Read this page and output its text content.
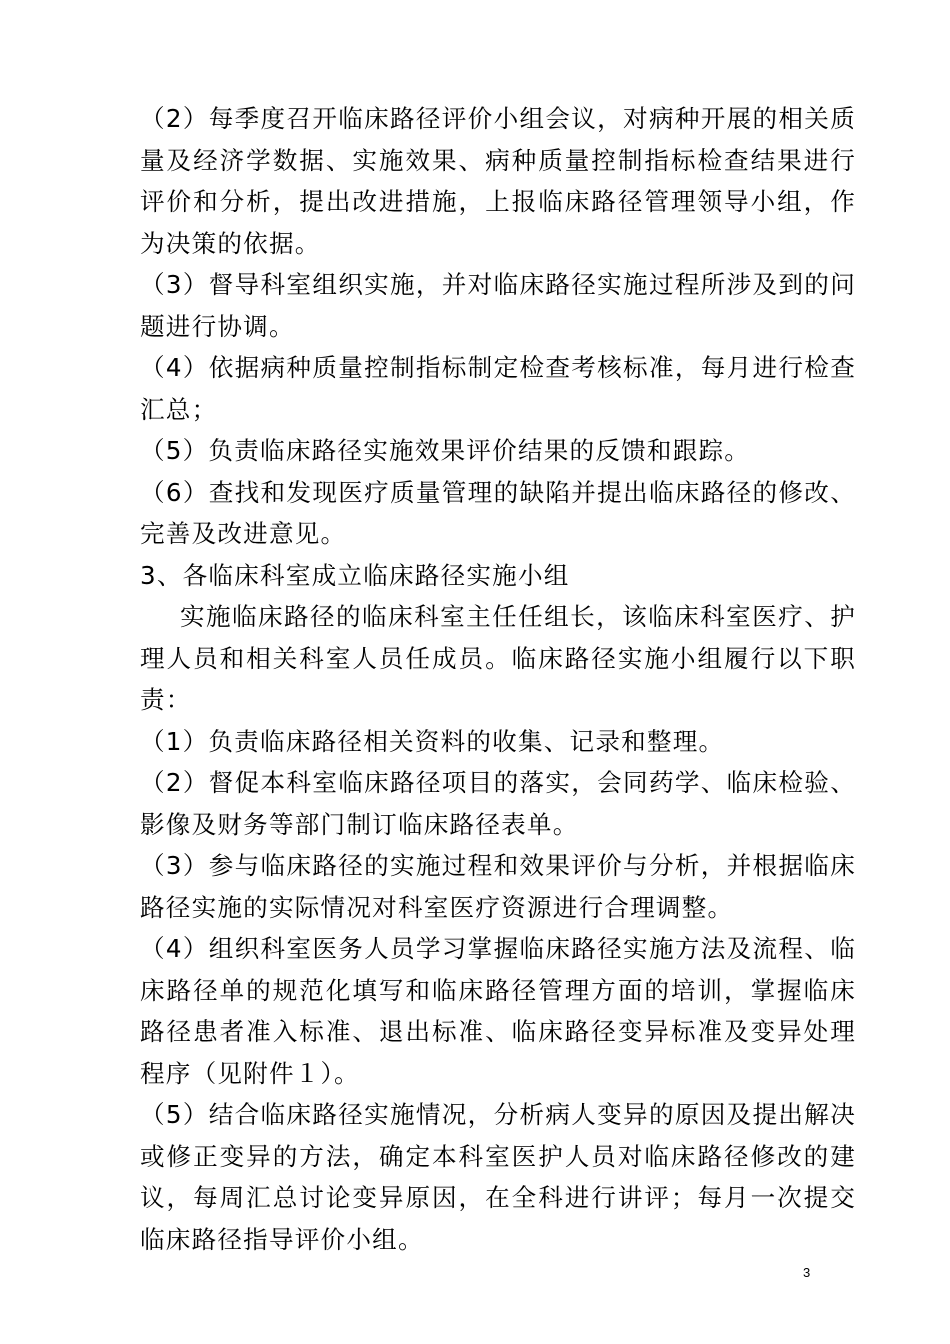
（2）每季度召开临床路径评价小组会议，对病种开展的相关质量及经济学数据、实施效果、病种质量控制指标检查结果进行评价和分析，提出改进措施，上报临床路径管理领导小组，作为决策的依据。

（3）督导科室组织实施，并对临床路径实施过程所涉及到的问题进行协调。

（4）依据病种质量控制指标制定检查考核标准，每月进行检查汇总；

（5）负责临床路径实施效果评价结果的反馈和跟踪。

（6）查找和发现医疗质量管理的缺陷并提出临床路径的修改、完善及改进意见。

3、各临床科室成立临床路径实施小组

实施临床路径的临床科室主任任组长，该临床科室医疗、护理人员和相关科室人员任成员。临床路径实施小组履行以下职责：

（1）负责临床路径相关资料的收集、记录和整理。

（2）督促本科室临床路径项目的落实，会同药学、临床检验、影像及财务等部门制订临床路径表单。

（3）参与临床路径的实施过程和效果评价与分析，并根据临床路径实施的实际情况对科室医疗资源进行合理调整。

（4）组织科室医务人员学习掌握临床路径实施方法及流程、临床路径单的规范化填写和临床路径管理方面的培训，掌握临床路径患者准入标准、退出标准、临床路径变异标准及变异处理程序（见附件１）。

（5）结合临床路径实施情况，分析病人变异的原因及提出解决或修正变异的方法，确定本科室医护人员对临床路径修改的建议，每周汇总讨论变异原因，在全科进行讲评；每月一次提交临床路径指导评价小组。

3
